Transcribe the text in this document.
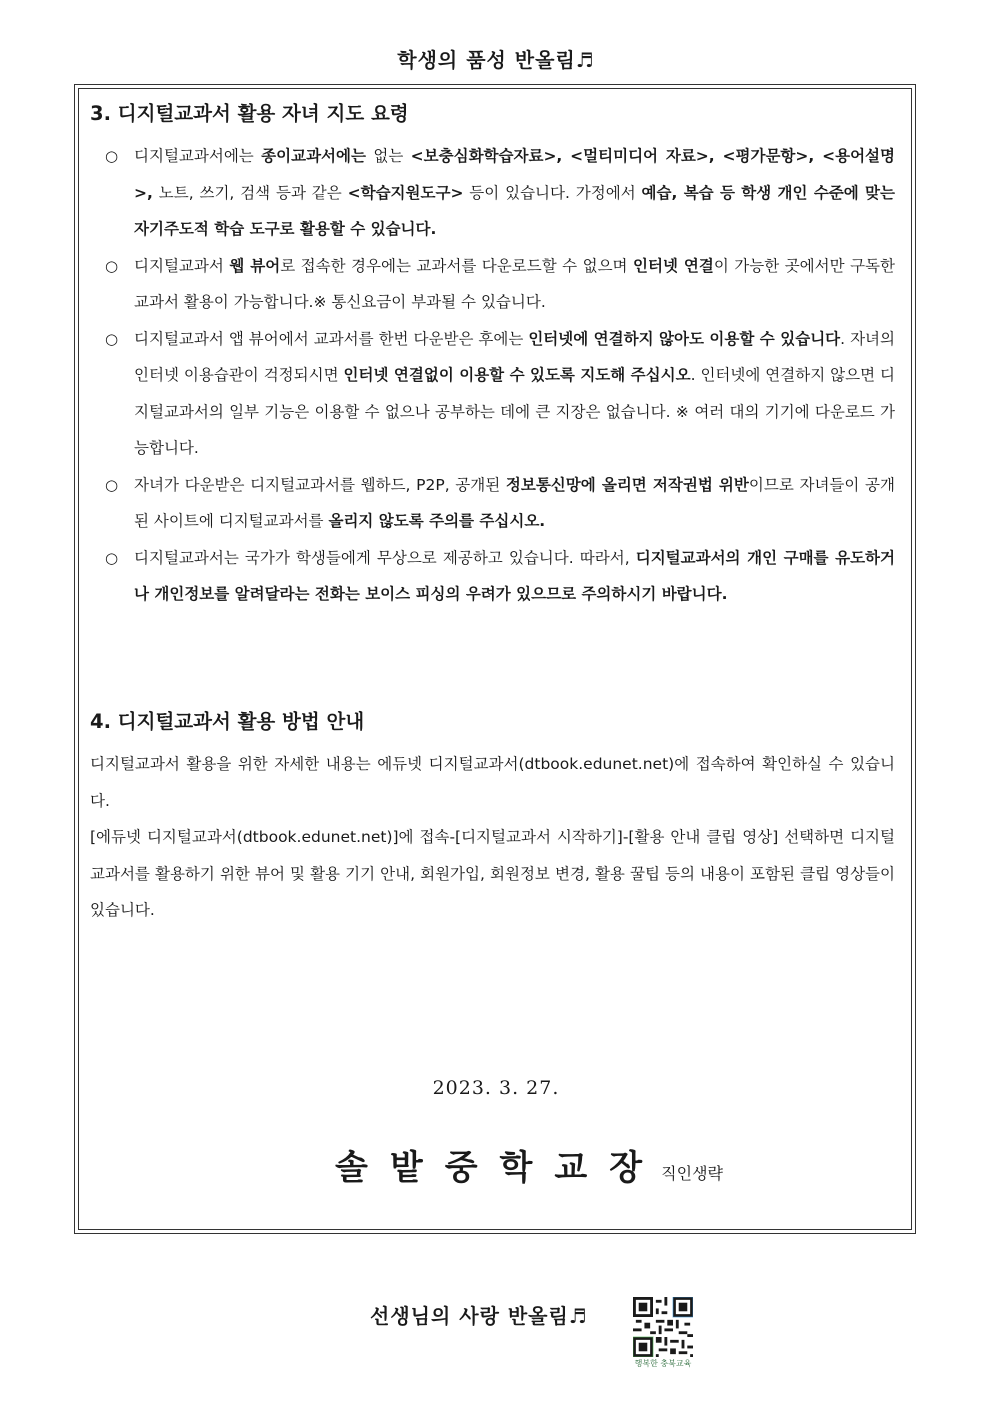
학생의 품성 반올림♬
3. 디지털교과서 활용 자녀 지도 요령
○ 디지털교과서에는 종이교과서에는 없는 <보충심화학습자료>, <멀티미디어 자료>, <평가문항>, <용어설명>, 노트, 쓰기, 검색 등과 같은 <학습지원도구> 등이 있습니다. 가정에서 예습, 복습 등 학생 개인 수준에 맞는 자기주도적 학습 도구로 활용할 수 있습니다.
○ 디지털교과서 웹 뷰어로 접속한 경우에는 교과서를 다운로드할 수 없으며 인터넷 연결이 가능한 곳에서만 구독한 교과서 활용이 가능합니다.※ 통신요금이 부과될 수 있습니다.
○ 디지털교과서 앱 뷰어에서 교과서를 한번 다운받은 후에는 인터넷에 연결하지 않아도 이용할 수 있습니다. 자녀의 인터넷 이용습관이 걱정되시면 인터넷 연결없이 이용할 수 있도록 지도해 주십시오. 인터넷에 연결하지 않으면 디지털교과서의 일부 기능은 이용할 수 없으나 공부하는 데에 큰 지장은 없습니다. ※ 여러 대의 기기에 다운로드 가능합니다.
○ 자녀가 다운받은 디지털교과서를 웹하드, P2P, 공개된 정보통신망에 올리면 저작권법 위반이므로 자녀들이 공개된 사이트에 디지털교과서를 올리지 않도록 주의를 주십시오.
○ 디지털교과서는 국가가 학생들에게 무상으로 제공하고 있습니다. 따라서, 디지털교과서의 개인 구매를 유도하거나 개인정보를 알려달라는 전화는 보이스 피싱의 우려가 있으므로 주의하시기 바랍니다.
4. 디지털교과서 활용 방법 안내
디지털교과서 활용을 위한 자세한 내용는 에듀넷 디지털교과서(dtbook.edunet.net)에 접속하여 확인하실 수 있습니다.
[에듀넷 디지털교과서(dtbook.edunet.net)]에 접속-[디지털교과서 시작하기]-[활용 안내 클립 영상] 선택하면 디지털교과서를 활용하기 위한 뷰어 및 활용 기기 안내, 회원가입, 회원정보 변경, 활용 꿀팁 등의 내용이 포함된 클립 영상들이 있습니다.
2023. 3. 27.
솔밭중학교장 직인생략
선생님의 사랑 반올림♬
행복한 충북교육
